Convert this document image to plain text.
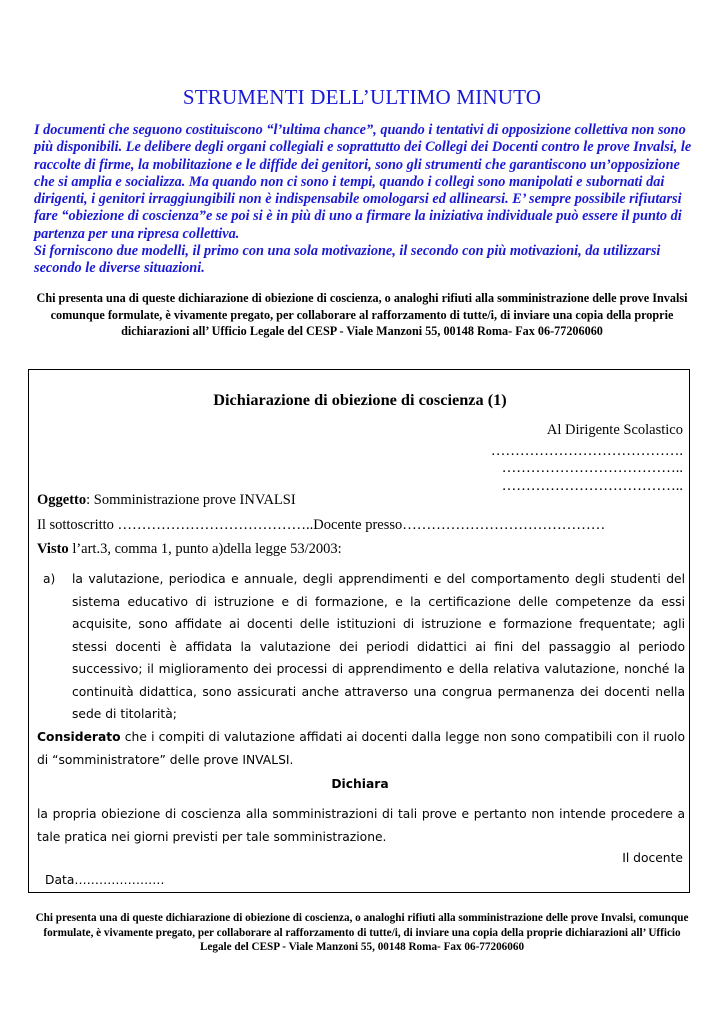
STRUMENTI DELL’ULTIMO MINUTO

I documenti che seguono costituiscono “l’ultima chance”, quando i tentativi di opposizione collettiva non sono più disponibili. Le delibere degli organi collegiali e soprattutto dei Collegi dei Docenti contro le prove Invalsi, le raccolte di firme, la mobilitazione e le diffide dei genitori, sono gli strumenti che garantiscono un’opposizione che si amplia e socializza. Ma quando non ci sono i tempi, quando i collegi sono manipolati e subornati dai dirigenti, i genitori irraggiungibili non è indispensabile omologarsi ed allinearsi. E’ sempre possibile rifiutarsi fare “obiezione di coscienza”e se poi si è in più di uno a firmare la iniziativa individuale può essere il punto di partenza per una ripresa collettiva.

Si forniscono due modelli, il primo con una sola motivazione, il secondo con più motivazioni, da utilizzarsi secondo le diverse situazioni.

Chi presenta una di queste dichiarazione di obiezione di coscienza, o analoghi rifiuti alla somministrazione delle prove Invalsi comunque formulate, è vivamente pregato, per collaborare al rafforzamento di tutte/i, di inviare una copia della proprie dichiarazioni all’ Ufficio Legale del CESP - Viale Manzoni 55, 00148 Roma- Fax 06-77206060
Dichiarazione di obiezione di coscienza (1)
Al Dirigente Scolastico
………………………………….
………………………………..
………………………………..
Oggetto: Somministrazione prove INVALSI
Il sottoscritto …………………………………..Docente presso……………………………………
Visto l’art.3, comma 1, punto a)della legge 53/2003:
a) la valutazione, periodica e annuale, degli apprendimenti e del comportamento degli studenti del sistema educativo di istruzione e di formazione, e la certificazione delle competenze da essi acquisite, sono affidate ai docenti delle istituzioni di istruzione e formazione frequentate; agli stessi docenti è affidata la valutazione dei periodi didattici ai fini del passaggio al periodo successivo; il miglioramento dei processi di apprendimento e della relativa valutazione, nonché la continuità didattica, sono assicurati anche attraverso una congrua permanenza dei docenti nella sede di titolarità;
Considerato che i compiti di valutazione affidati ai docenti dalla legge non sono compatibili con il ruolo di “somministratore” delle prove INVALSI.
Dichiara
la propria obiezione di coscienza alla somministrazioni di tali prove e pertanto non intende procedere a tale pratica nei giorni previsti per tale somministrazione.
Il docente
Data………………….
Chi presenta una di queste dichiarazione di obiezione di coscienza, o analoghi rifiuti alla somministrazione delle prove Invalsi, comunque formulate, è vivamente pregato, per collaborare al rafforzamento di tutte/i, di inviare una copia della proprie dichiarazioni all’ Ufficio Legale del CESP - Viale Manzoni 55, 00148 Roma- Fax 06-77206060
